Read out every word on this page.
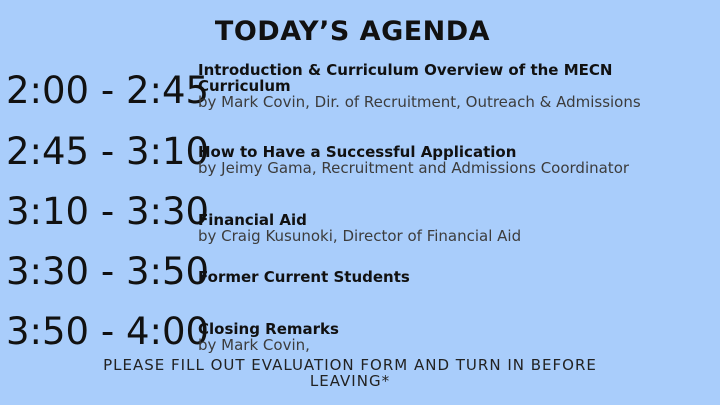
TODAY’S AGENDA
2:00 - 2:45
Introduction & Curriculum Overview of the MECN
Curriculum
by Mark Covin, Dir. of Recruitment, Outreach & Admissions
2:45 - 3:10
How to Have a Successful Application
by Jeimy Gama, Recruitment and Admissions Coordinator
3:10 - 3:30
Financial Aid
by Craig Kusunoki, Director of Financial Aid
3:30 - 3:50
Former Current Students
3:50 - 4:00
Closing Remarks
by Mark Covin,
PLEASE FILL OUT EVALUATION FORM AND TURN IN BEFORE
LEAVING*
